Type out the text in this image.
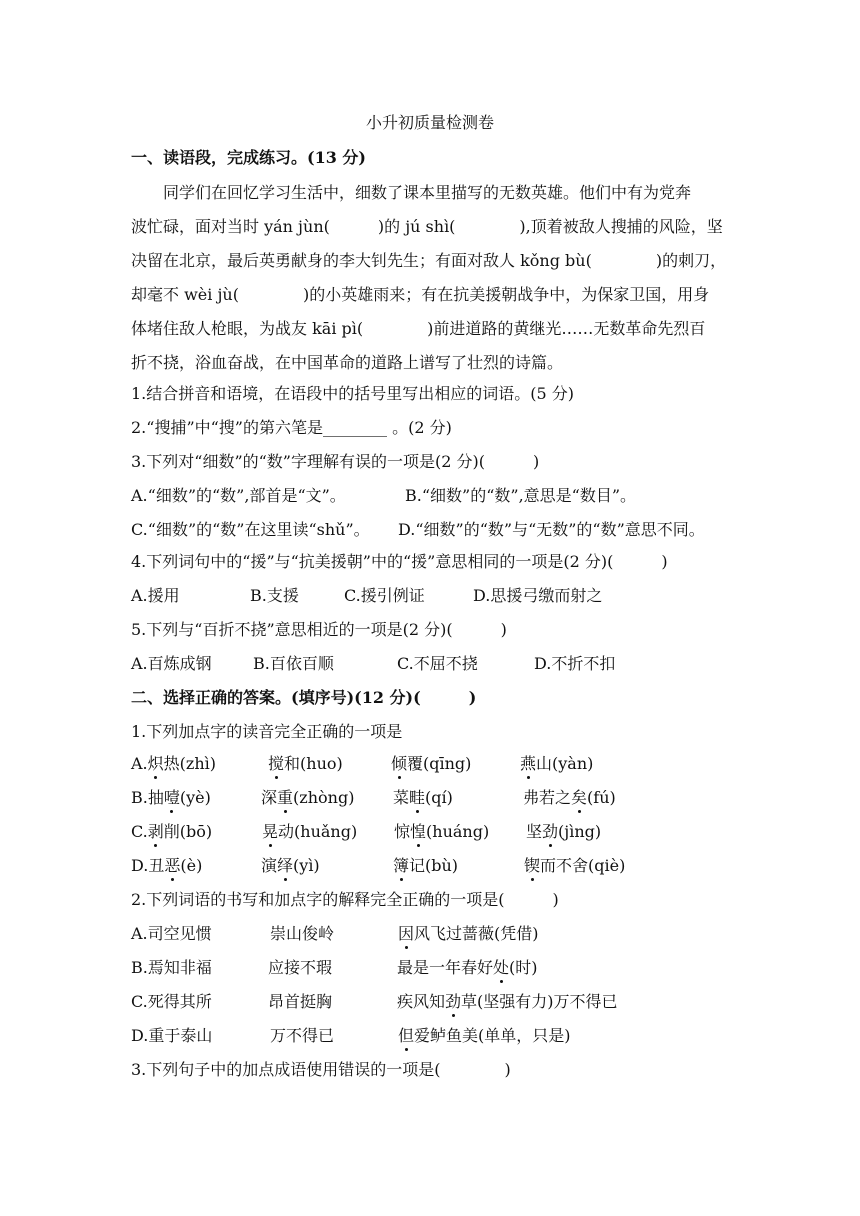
小升初质量检测卷
一、读语段，完成练习。(13 分)
同学们在回忆学习生活中，细数了课本里描写的无数英雄。他们中有为党奔
波忙碌，面对当时 yán jùn(　　　)的 jú shì(　　　　),顶着被敌人搜捕的风险，坚
决留在北京，最后英勇献身的李大钊先生；有面对敌人 kǒng bù(　　　　)的刺刀，
却毫不 wèi jù(　　　　)的小英雄雨来；有在抗美援朝战争中，为保家卫国，用身
体堵住敌人枪眼，为战友 kāi pì(　　　　)前进道路的黄继光……无数革命先烈百
折不挠，浴血奋战，在中国革命的道路上谱写了壮烈的诗篇。
1.结合拼音和语境，在语段中的括号里写出相应的词语。(5 分)
2.“搜捕”中“搜”的第六笔是________ 。(2 分)
3.下列对“细数”的“数”字理解有误的一项是(2 分)(　　　)
A.“细数”的“数”,部首是“文”。	B.“细数”的“数”,意思是“数目”。
C.“细数”的“数”在这里读“shǔ”。 D.“细数”的“数”与“无数”的“数”意思不同。
4.下列词句中的“援”与“抗美援朝”中的“援”意思相同的一项是(2 分)(　　　)
A.援用	B.支援	C.援引例证	D.思援弓缴而射之
5.下列与“百折不挠”意思相近的一项是(2 分)(　　　)
A.百炼成钢	B.百依百顺	C.不屈不挠	D.不折不扣
二、选择正确的答案。(填序号)(12 分)(　　　)
1.下列加点字的读音完全正确的一项是
A.炽热(zhì)	搅和(huo)	倾覆(qīng)	燕山(yàn)
B.抽噎(yè)	深重(zhòng) 菜畦(qí)	弗若之矣(fú)
C.剥削(bō)	晃动(huǎng) 惊惶(huáng) 坚劲(jìng)
D.丑恶(è)	演绎(yì)	簿记(bù)	锲而不舍(qiè)
2.下列词语的书写和加点字的解释完全正确的一项是(　　　)
A.司空见惯	崇山俊岭	因风飞过蔷薇(凭借)
B.焉知非福	应接不瑕	最是一年春好处(时)
C.死得其所	昂首挺胸	疾风知劲草(坚强有力)万不得已
D.重于泰山	万不得已	但爱鲈鱼美(单单，只是)
3.下列句子中的加点成语使用错误的一项是(　　　　)
